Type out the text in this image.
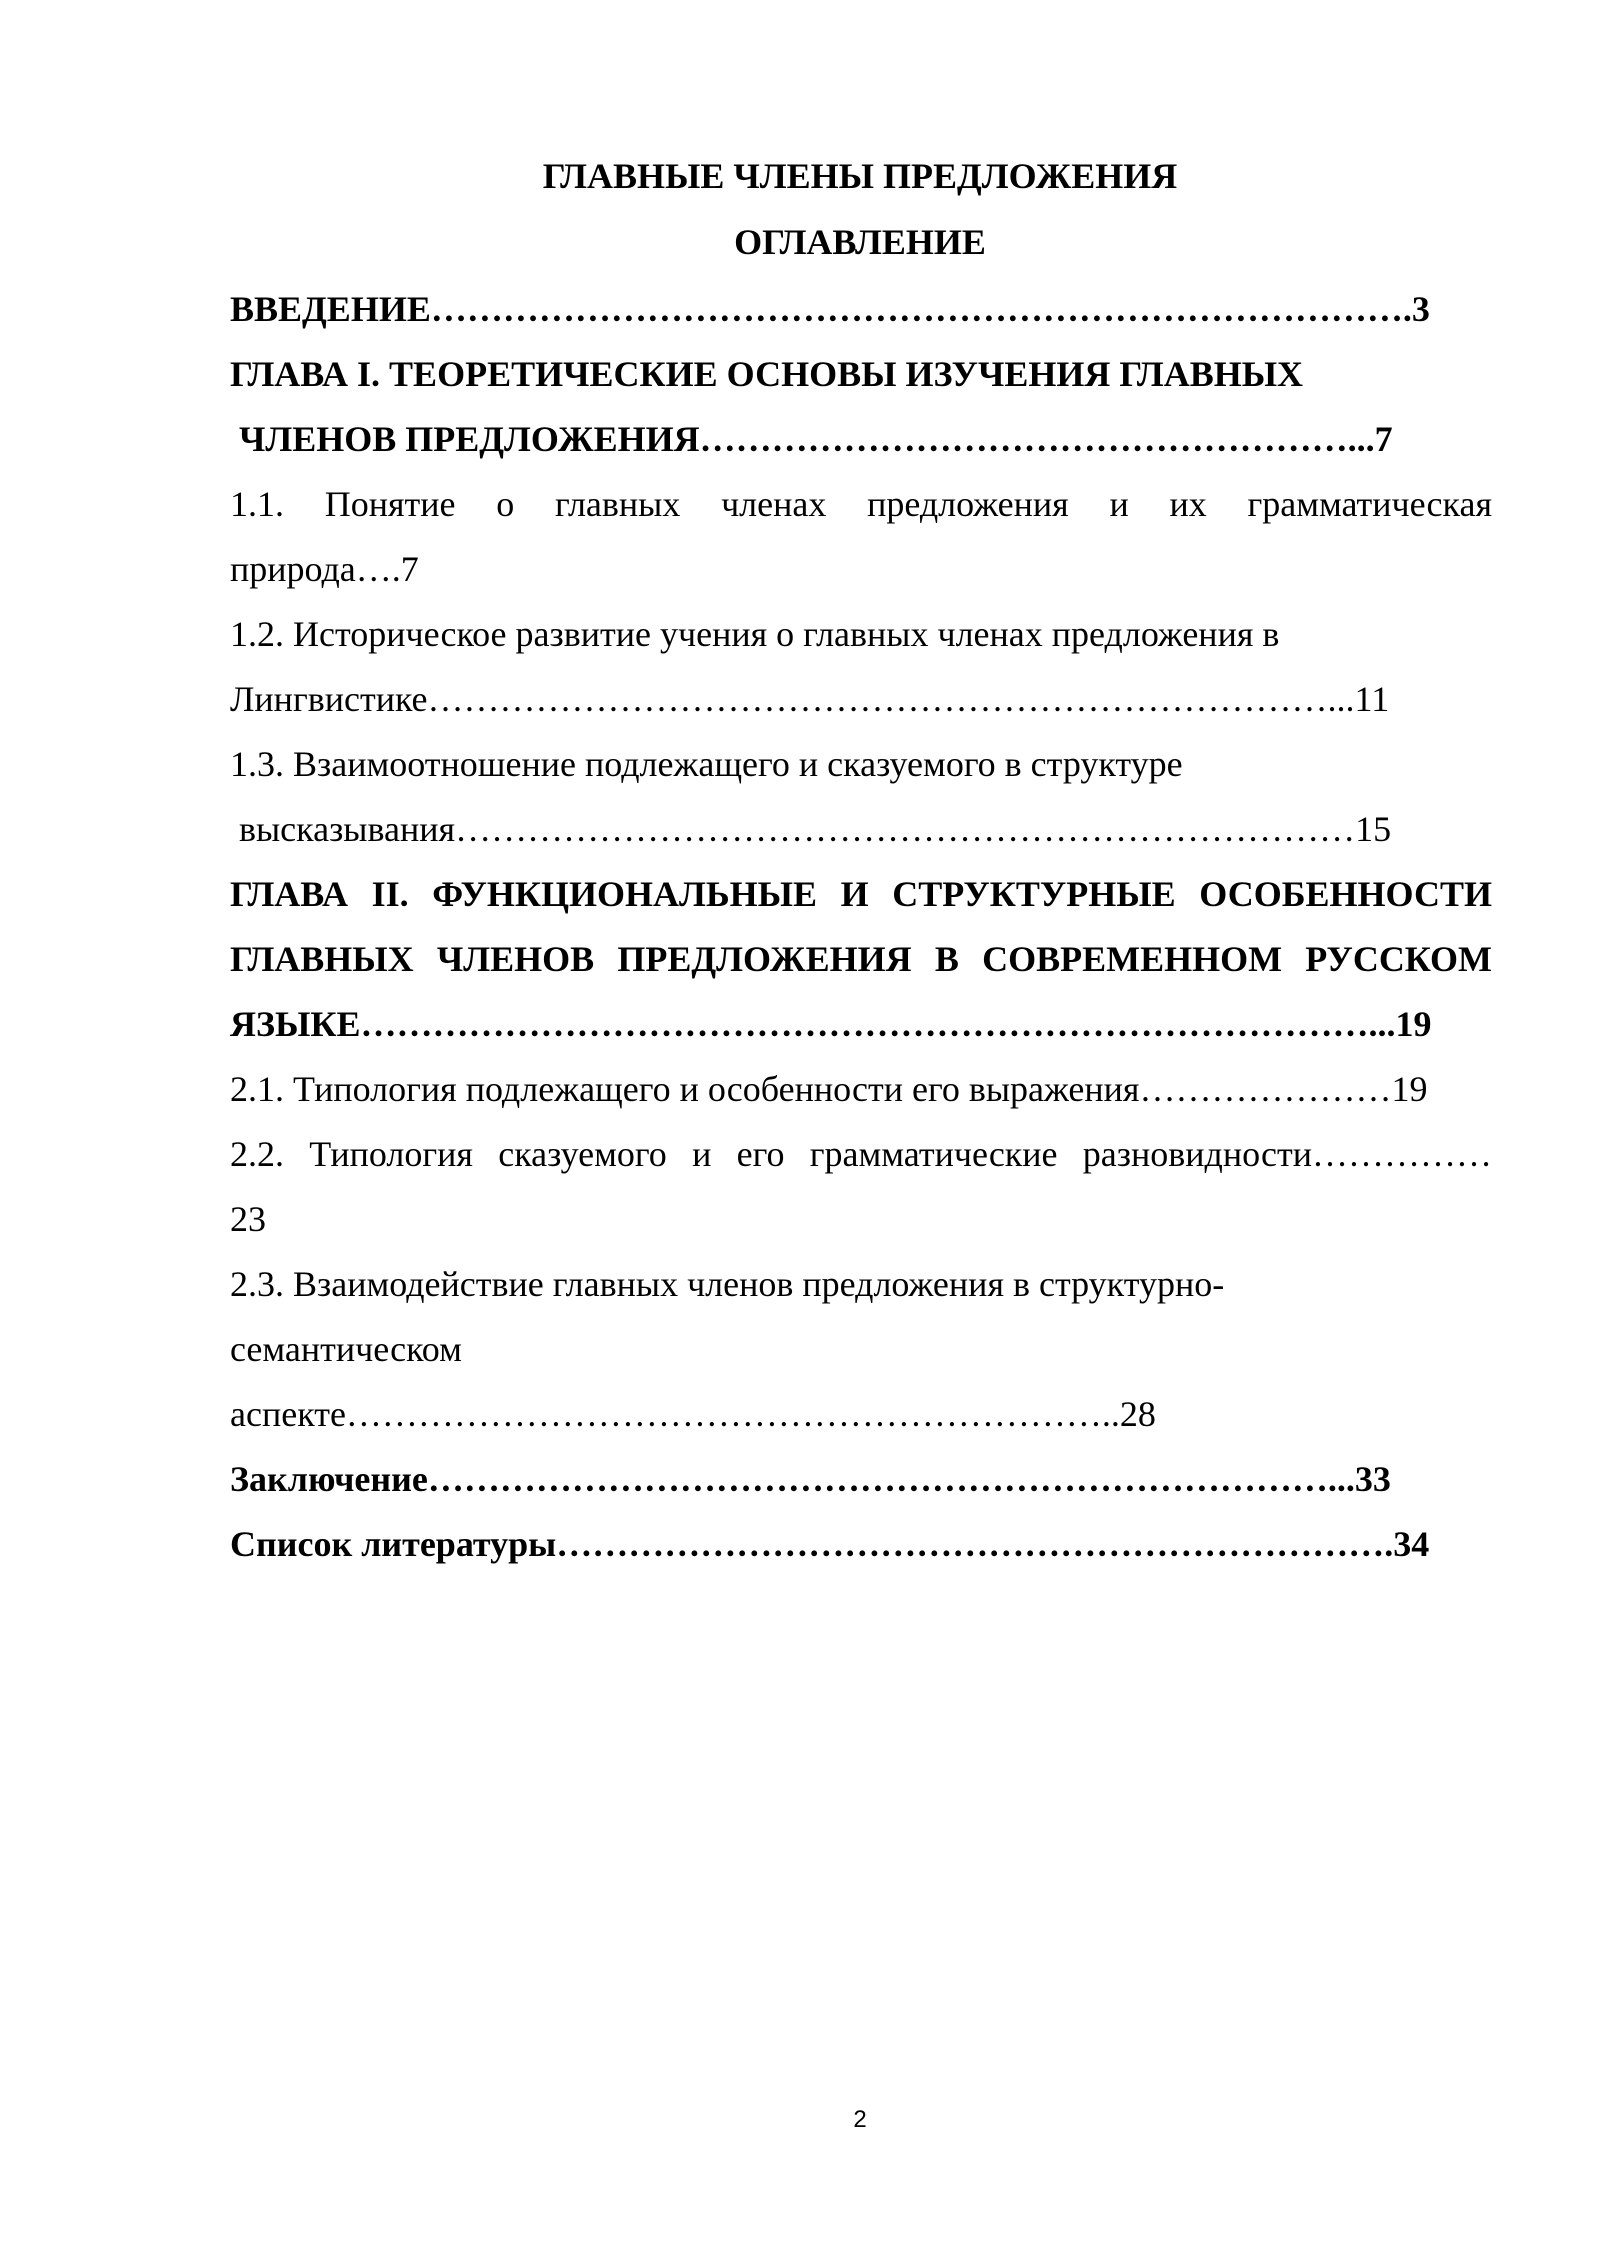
ГЛАВНЫЕ ЧЛЕНЫ ПРЕДЛОЖЕНИЯ
ОГЛАВЛЕНИЕ
ВВЕДЕНИЕ……………………………………………………………………….3
ГЛАВА I. ТЕОРЕТИЧЕСКИЕ ОСНОВЫ ИЗУЧЕНИЯ ГЛАВНЫХ
ЧЛЕНОВ ПРЕДЛОЖЕНИЯ………………………………………………...7
1.1. Понятие о главных членах предложения и их грамматическая
природа….7
1.2. Историческое развитие учения о главных членах предложения в
Лингвистике…………………………………………………………………...11
1.3. Взаимоотношение подлежащего и сказуемого в структуре
высказывания…………………………………………………………………15
ГЛАВА II. ФУНКЦИОНАЛЬНЫЕ И СТРУКТУРНЫЕ ОСОБЕННОСТИ
ГЛАВНЫХ ЧЛЕНОВ ПРЕДЛОЖЕНИЯ В СОВРЕМЕННОМ РУССКОМ
ЯЗЫКЕ…………………………………………………………………………...19
2.1. Типология подлежащего и особенности его выражения…………………19
2.2. Типология сказуемого и его грамматические разновидности……………
23
2.3. Взаимодействие главных членов предложения в структурно-
семантическом
аспекте………………………………………………………..28
Заключение…………………………………………………………………...33
Список литературы…………………………………………………………….34
2
